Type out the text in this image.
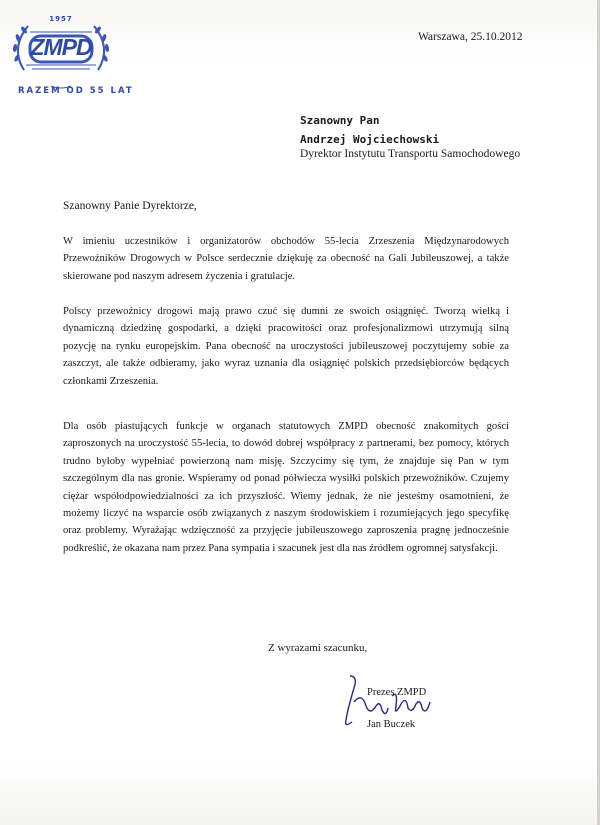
1957
ZMPD
RAZEM OD 55 LAT
Warszawa, 25.10.2012
Szanowny Pan
Andrzej Wojciechowski
Dyrektor Instytutu Transportu Samochodowego
Szanowny Panie Dyrektorze,
W imieniu uczestników i organizatorów obchodów 55-lecia Zrzeszenia Międzynarodowych Przewoźników Drogowych w Polsce serdecznie dziękuję za obecność na Gali Jubileuszowej, a także skierowane pod naszym adresem życzenia i gratulacje.
Polscy przewoźnicy drogowi mają prawo czuć się dumni ze swoich osiągnięć. Tworzą wielką i dynamiczną dziedzinę gospodarki, a dzięki pracowitości oraz profesjonalizmowi utrzymują silną pozycję na rynku europejskim. Pana obecność na uroczystości jubileuszowej poczytujemy sobie za zaszczyt, ale także odbieramy, jako wyraz uznania dla osiągnięć polskich przedsiębiorców będących członkami Zrzeszenia.
Dla osób piastujących funkcje w organach statutowych ZMPD obecność znakomitych gości zaproszonych na uroczystość 55-lecia, to dowód dobrej współpracy z partnerami, bez pomocy, których trudno byłoby wypełniać powierzoną nam misję. Szczycimy się tym, że znajduje się Pan w tym szczególnym dla nas gronie. Wspieramy od ponad półwiecza wysiłki polskich przewoźników. Czujemy ciężar współodpowiedzialności za ich przyszłość. Wiemy jednak, że nie jesteśmy osamotnieni, że możemy liczyć na wsparcie osób związanych z naszym środowiskiem i rozumiejących jego specyfikę oraz problemy. Wyrażając wdzięczność za przyjęcie jubileuszowego zaproszenia pragnę jednocześnie podkreślić, że okazana nam przez Pana sympatia i szacunek jest dla nas źródłem ogromnej satysfakcji.
Z wyrazami szacunku,
Prezes ZMPD
Jan Buczek
